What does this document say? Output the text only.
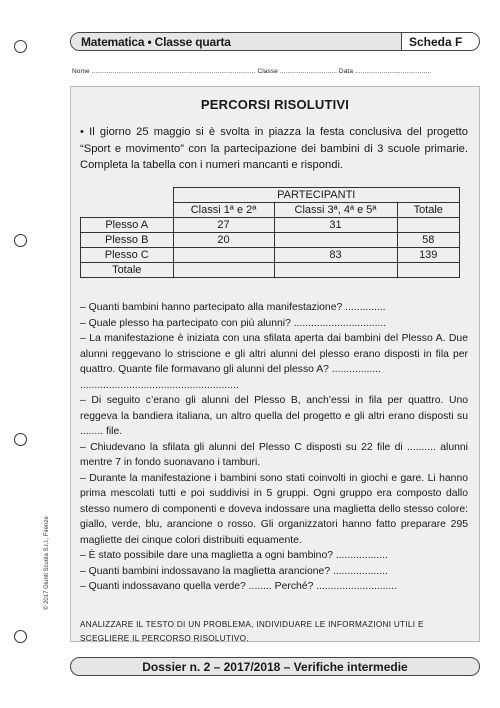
Matematica • Classe quarta	Scheda F
Nome ...................................................................................... Classe .............................. Data ........................................
PERCORSI RISOLUTIVI
• Il giorno 25 maggio si è svolta in piazza la festa conclusiva del progetto “Sport e movimento” con la partecipazione dei bambini di 3 scuole primarie. Completa la tabella con i numeri mancanti e rispondi.
	PARTECIPANTI		
	Classi 1ª e 2ª	Classi 3ª, 4ª e 5ª	Totale
Plesso A	27	31	
Plesso B	20		58
Plesso C		83	139
Totale			

– Quanti bambini hanno partecipato alla manifestazione? ..............

– Quale plesso ha partecipato con più alunni? ................................

– La manifestazione è iniziata con una sfilata aperta dai bambini del Plesso A. Due alunni reggevano lo striscione e gli altri alunni del plesso erano disposti in fila per quattro. Quante file formavano gli alunni del plesso A? .................

.......................................................

– Di seguito c’erano gli alunni del Plesso B, anch’essi in fila per quattro. Uno reggeva la bandiera italiana, un altro quella del progetto e gli altri erano disposti su ........ file.

– Chiudevano la sfilata gli alunni del Plesso C disposti su 22 file di .......... alunni mentre 7 in fondo suonavano i tamburi.

– Durante la manifestazione i bambini sono stati coinvolti in giochi e gare. Li hanno prima mescolati tutti e poi suddivisi in 5 gruppi. Ogni gruppo era composto dallo stesso numero di componenti e doveva indossare una maglietta dello stesso colore: giallo, verde, blu, arancione o rosso. Gli organizzatori hanno fatto preparare 295 magliette dei cinque colori distribuiti equamente.

– È stato possibile dare una maglietta a ogni bambino? ..................

– Quanti bambini indossavano la maglietta arancione? ...................

– Quanti indossavano quella verde? ........ Perché? ............................

ANALIZZARE IL TESTO DI UN PROBLEMA, INDIVIDUARE LE INFORMAZIONI UTILI E SCEGLIERE IL PERCORSO RISOLUTIVO.
© 2017 Giunti Scuola S.r.l., Firenze
Dossier n. 2 – 2017/2018 – Verifiche intermedie
